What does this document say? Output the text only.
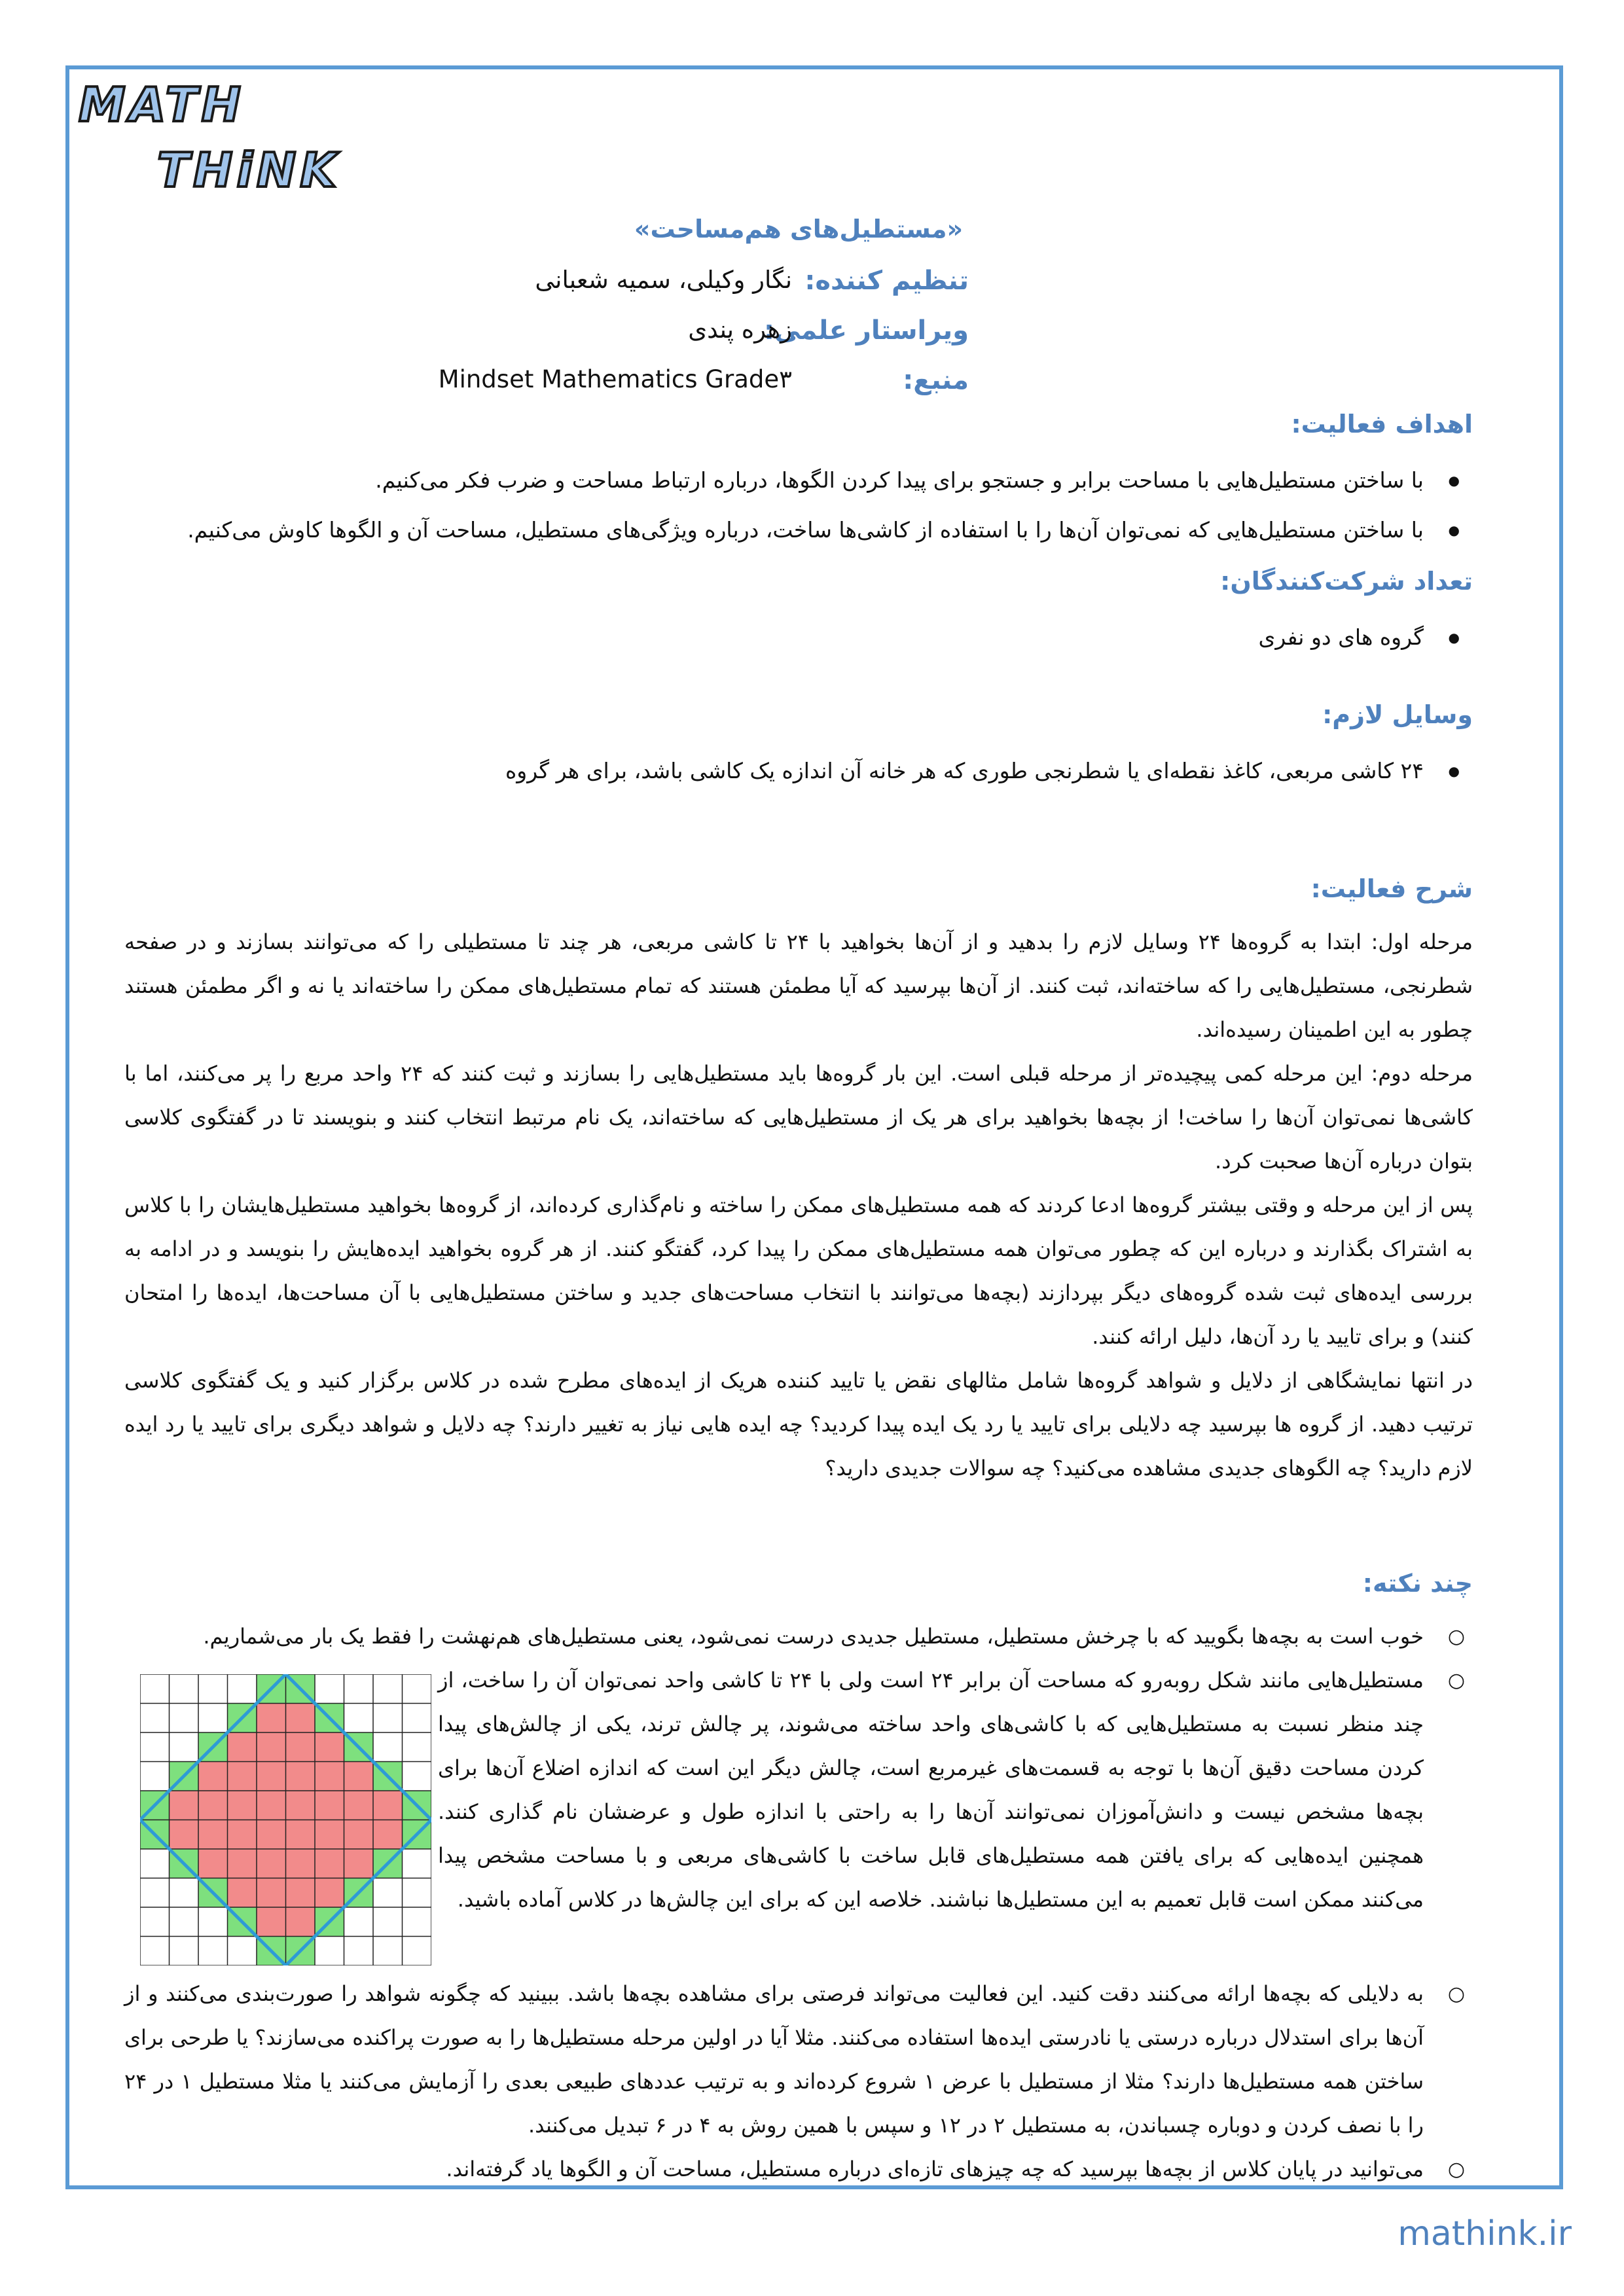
MATH
THiNK
«مستطیل‌های هم‌مساحت»
تنظیم کننده:
نگار وکیلی، سمیه شعبانی
ویراستار علمی:
زهره پندی
منبع:
Mindset Mathematics Grade۳
اهداف فعالیت:
● با ساختن مستطیل‌هایی با مساحت برابر و جستجو برای پیدا کردن الگوها، درباره ارتباط مساحت و ضرب فکر می‌کنیم.
● با ساختن مستطیل‌هایی که نمی‌توان آن‌ها را با استفاده از کاشی‌ها ساخت، درباره ویژگی‌های مستطیل، مساحت آن و الگوها کاوش می‌کنیم.
تعداد شرکت‌کنندگان:
● گروه های دو نفری
وسایل لازم:
● ۲۴ کاشی مربعی، کاغذ نقطه‌ای یا شطرنجی طوری که هر خانه آن اندازه یک کاشی باشد، برای هر گروه
شرح فعالیت:

مرحله اول: ابتدا به گروه‌ها ۲۴ وسایل لازم را بدهید و از آن‌ها بخواهید با ۲۴ تا کاشی مربعی، هر چند تا مستطیلی را که می‌توانند بسازند و در صفحه شطرنجی، مستطیل‌هایی را که ساخته‌اند، ثبت کنند. از آن‌ها بپرسید که آیا مطمئن هستند که تمام مستطیل‌های ممکن را ساخته‌اند یا نه و اگر مطمئن هستند چطور به این اطمینان رسیده‌اند.

مرحله دوم: این مرحله کمی پیچیده‌تر از مرحله قبلی است. این بار گروه‌ها باید مستطیل‌هایی را بسازند و ثبت کنند که ۲۴ واحد مربع را پر می‌کنند، اما با کاشی‌ها نمی‌توان آن‌ها را ساخت! از بچه‌ها بخواهید برای هر یک از مستطیل‌هایی که ساخته‌اند، یک نام مرتبط انتخاب کنند و بنویسند تا در گفتگوی کلاسی بتوان درباره آن‌ها صحبت کرد.

پس از این مرحله و وقتی بیشتر گروه‌ها ادعا کردند که همه مستطیل‌های ممکن را ساخته و نام‌گذاری کرده‌اند، از گروه‌ها بخواهید مستطیل‌هایشان را با کلاس به اشتراک بگذارند و درباره این که چطور می‌توان همه مستطیل‌های ممکن را پیدا کرد، گفتگو کنند. از هر گروه بخواهید ایده‌هایش را بنویسد و در ادامه به بررسی ایده‌های ثبت شده گروه‌های دیگر بپردازند (بچه‌ها می‌توانند با انتخاب مساحت‌های جدید و ساختن مستطیل‌هایی با آن مساحت‌ها، ایده‌ها را امتحان کنند) و برای تایید یا رد آن‌ها، دلیل ارائه کنند.

در انتها نمایشگاهی از دلایل و شواهد گروه‌ها شامل مثالهای نقض یا تایید کننده هریک از ایده‌های مطرح شده در کلاس برگزار کنید و یک گفتگوی کلاسی ترتیب دهید. از گروه ها بپرسید چه دلایلی برای تایید یا رد یک ایده پیدا کردید؟ چه ایده هایی نیاز به تغییر دارند؟ چه دلایل و شواهد دیگری برای تایید یا رد ایده لازم دارید؟ چه الگوهای جدیدی مشاهده می‌کنید؟ چه سوالات جدیدی دارید؟

چند نکته:
○ خوب است به بچه‌ها بگویید که با چرخش مستطیل، مستطیل جدیدی درست نمی‌شود، یعنی مستطیل‌های هم‌نهشت را فقط یک بار می‌شماریم.
○ مستطیل‌هایی مانند شکل روبه‌رو که مساحت آن برابر ۲۴ است ولی با ۲۴ تا کاشی واحد نمی‌توان آن را ساخت، از چند منظر نسبت به مستطیل‌هایی که با کاشی‌های واحد ساخته می‌شوند، پر چالش ترند، یکی از چالش‌های پیدا کردن مساحت دقیق آن‌ها با توجه به قسمت‌های غیرمربع است، چالش دیگر این است که اندازه اضلاع آن‌ها برای بچه‌ها مشخص نیست و دانش‌آموزان نمی‌توانند آن‌ها را به راحتی با اندازه طول و عرضشان نام گذاری کنند. همچنین ایده‌هایی که برای یافتن همه مستطیل‌های قابل ساخت با کاشی‌های مربعی و با مساحت مشخص پیدا می‌کنند ممکن است قابل تعمیم به این مستطیل‌ها نباشند. خلاصه این که برای این چالش‌ها در کلاس آماده باشید.
○ به دلایلی که بچه‌ها ارائه می‌کنند دقت کنید. این فعالیت می‌تواند فرصتی برای مشاهده بچه‌ها باشد. ببینید که چگونه شواهد را صورت‌بندی می‌کنند و از آن‌ها برای استدلال درباره درستی یا نادرستی ایده‌ها استفاده می‌کنند. مثلا آیا در اولین مرحله مستطیل‌ها را به صورت پراکنده می‌سازند؟ یا طرحی برای ساختن همه مستطیل‌ها دارند؟ مثلا از مستطیل با عرض ۱ شروع کرده‌اند و به ترتیب عددهای طبیعی بعدی را آزمایش می‌کنند یا مثلا مستطیل ۱ در ۲۴ را با نصف کردن و دوباره چسباندن، به مستطیل ۲ در ۱۲ و سپس با همین روش به ۴ در ۶ تبدیل می‌کنند.
○ می‌توانید در پایان کلاس از بچه‌ها بپرسید که چه چیزهای تازه‌ای درباره مستطیل، مساحت آن و الگوها یاد گرفته‌اند.
mathink.ir
